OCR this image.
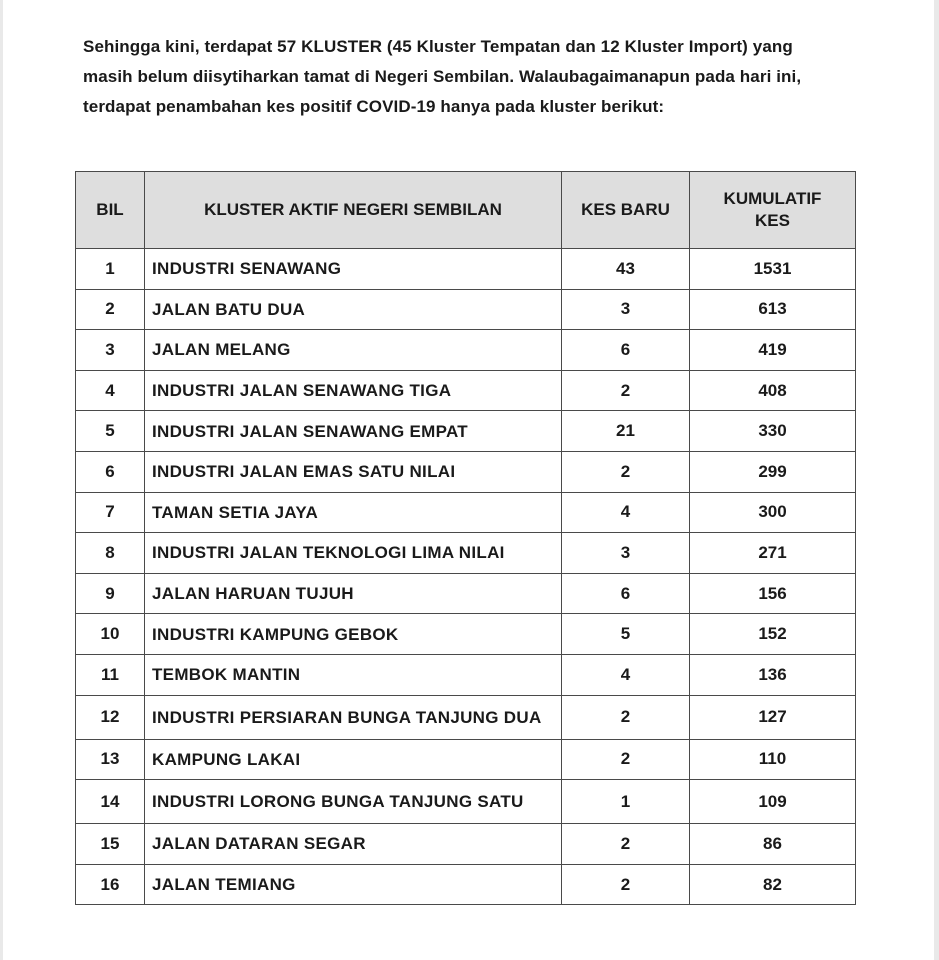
Sehingga kini, terdapat 57 KLUSTER (45 Kluster Tempatan dan 12 Kluster Import) yang

masih belum diisytiharkan tamat di Negeri Sembilan. Walaubagaimanapun pada hari ini,

terdapat penambahan kes positif COVID-19 hanya pada kluster berikut:

BIL	KLUSTER AKTIF NEGERI SEMBILAN	KES BARU	KUMULATIF
KES
1	INDUSTRI SENAWANG	43	1531
2	JALAN BATU DUA	3	613
3	JALAN MELANG	6	419
4	INDUSTRI JALAN SENAWANG TIGA	2	408
5	INDUSTRI JALAN SENAWANG EMPAT	21	330
6	INDUSTRI JALAN EMAS SATU NILAI	2	299
7	TAMAN SETIA JAYA	4	300
8	INDUSTRI JALAN TEKNOLOGI LIMA NILAI	3	271
9	JALAN HARUAN TUJUH	6	156
10	INDUSTRI KAMPUNG GEBOK	5	152
11	TEMBOK MANTIN	4	136
12	INDUSTRI PERSIARAN BUNGA TANJUNG DUA	2	127
13	KAMPUNG LAKAI	2	110
14	INDUSTRI LORONG BUNGA TANJUNG SATU	1	109
15	JALAN DATARAN SEGAR	2	86
16	JALAN TEMIANG	2	82
